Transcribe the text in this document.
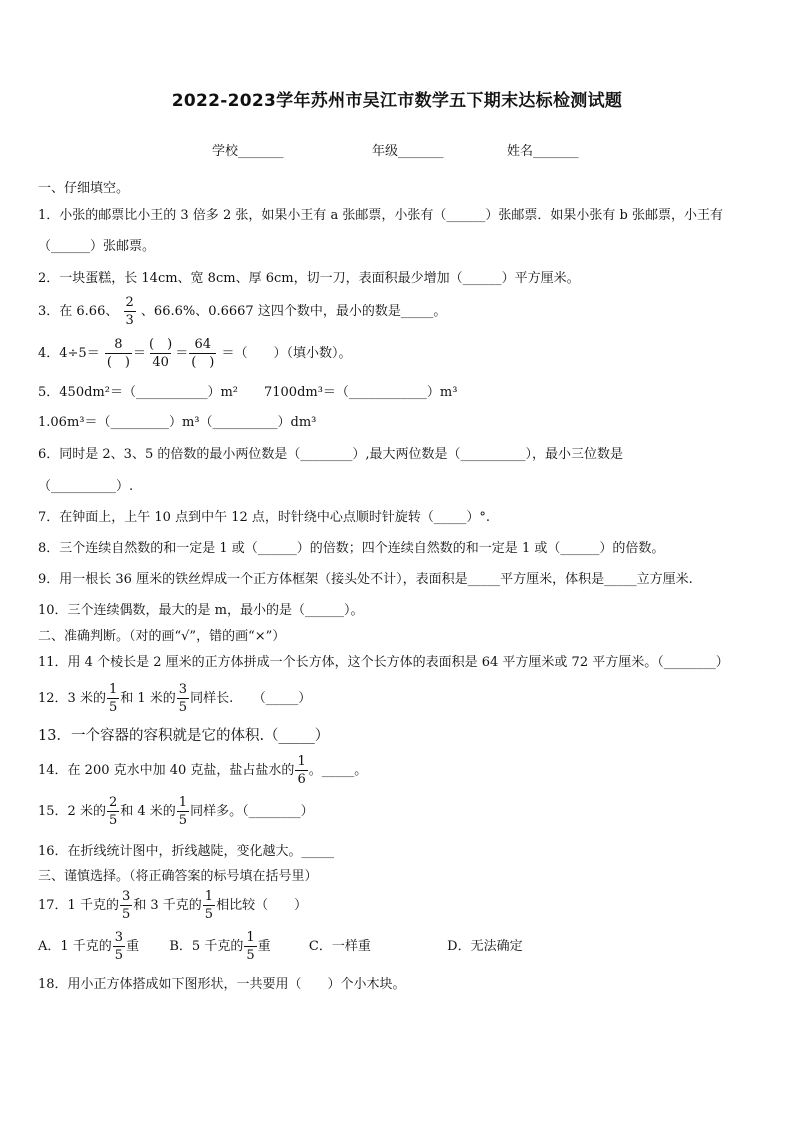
2022-2023学年苏州市吴江市数学五下期末达标检测试题
学校_______	年级_______	姓名_______
一、仔细填空。
1．小张的邮票比小王的 3 倍多 2 张，如果小王有 a 张邮票，小张有（______）张邮票．如果小张有 b 张邮票，小王有
（______）张邮票。
2．一块蛋糕，长 14cm、宽 8cm、厚 6cm，切一刀，表面积最少增加（______）平方厘米。
3．在 6.66、 $\frac{2}{3}$ 、66.6%、0.6667 这四个数中，最小的数是_____。
4．$4\div 5= \frac{8}{( )} = \frac{( )}{40} = \frac{64}{( )}$ ＝（　　）（填小数）。
5．450dm²＝（___________）m²　　7100dm³＝（____________）m³
1.06m³＝（_________）m³（__________）dm³
6．同时是 2、3、5 的倍数的最小两位数是（________）,最大两位数是（__________），最小三位数是
（__________）.
7．在钟面上，上午 10 点到中午 12 点，时针绕中心点顺时针旋转（_____）°.
8．三个连续自然数的和一定是 1 或（______）的倍数；四个连续自然数的和一定是 1 或（______）的倍数。
9．用一根长 36 厘米的铁丝焊成一个正方体框架（接头处不计），表面积是_____平方厘米，体积是_____立方厘米.
10．三个连续偶数，最大的是 m，最小的是（______）。
二、准确判断。（对的画“√”，错的画“×”）
11．用 4 个棱长是 2 厘米的正方体拼成一个长方体，这个长方体的表面积是 64 平方厘米或 72 平方厘米。（________）
12．3 米的 $\frac{1}{5}$ 和 1 米的 $\frac{3}{5}$ 同样长.　　（_____）
13．一个容器的容积就是它的体积.（_____）
14．在 200 克水中加 40 克盐，盐占盐水的 $\frac{1}{6}$ 。_____。
15．2 米的 $\frac{2}{5}$ 和 4 米的 $\frac{1}{5}$ 同样多。（________）
16．在折线统计图中，折线越陡，变化越大。_____
三、谨慎选择。（将正确答案的标号填在括号里）
17．1 千克的 $\frac{3}{5}$ 和 3 千克的 $\frac{1}{5}$ 相比较（　　）
A．1 千克的 $\frac{3}{5}$ 重 B．5 千克的 $\frac{1}{5}$ 重	C．一样重	D．无法确定
18．用小正方体搭成如下图形状，一共要用（　　）个小木块。
